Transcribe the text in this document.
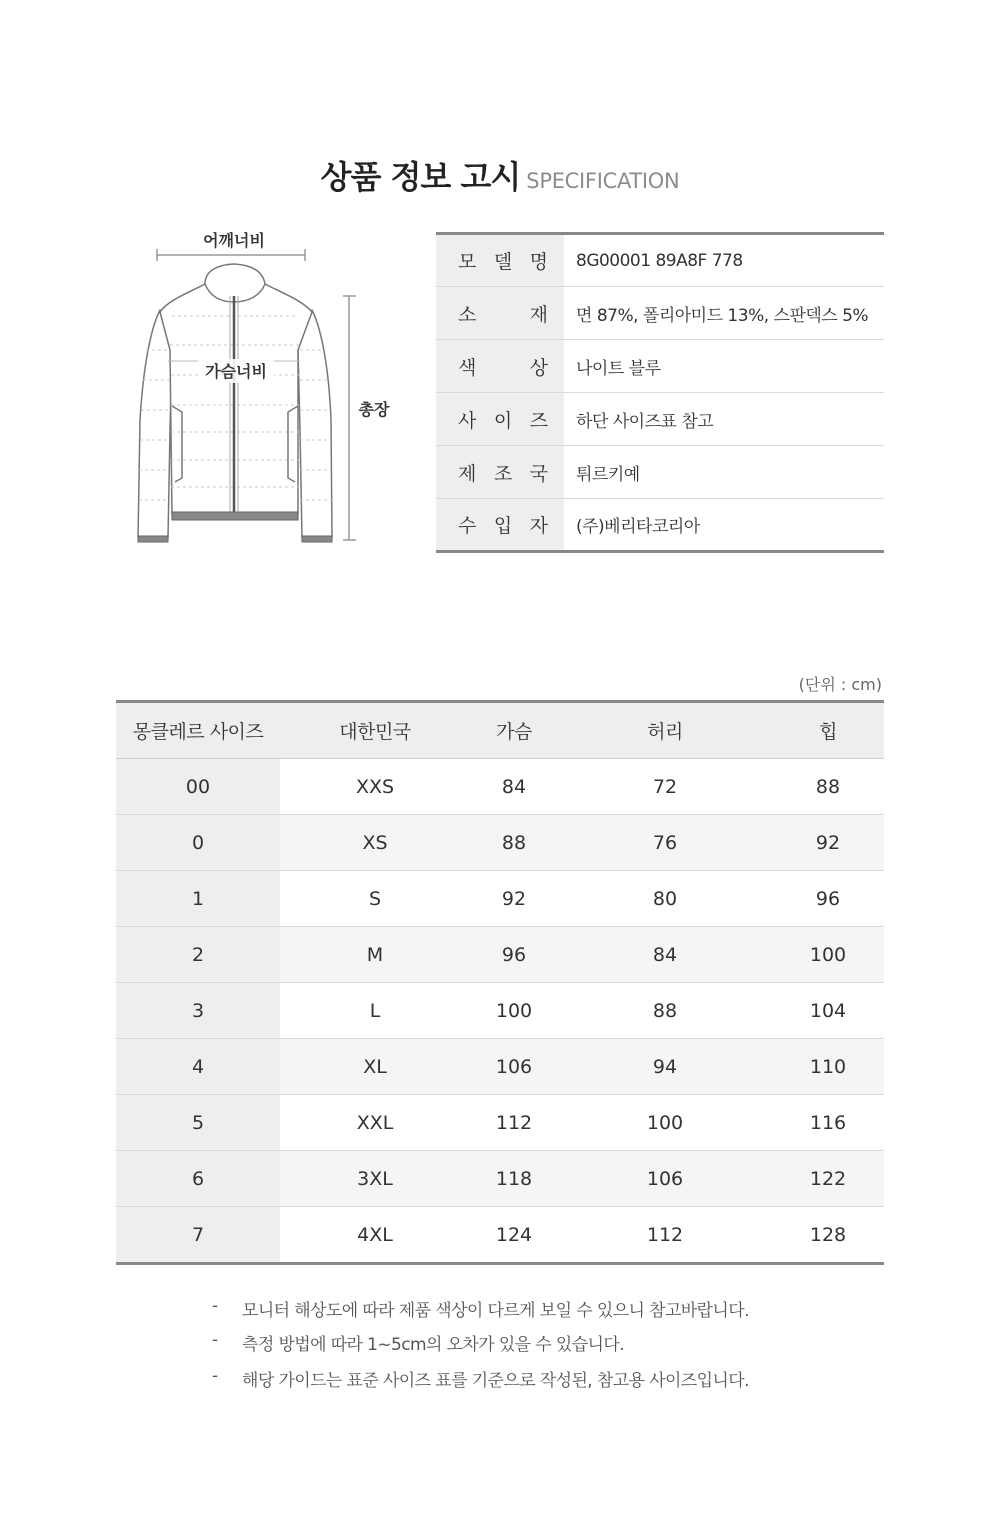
상품 정보 고시 SPECIFICATION
어깨너비
총장
가슴너비
모 델 명	8G00001 89A8F 778

소 재	면 87%, 폴리아미드 13%, 스판덱스 5%

색 상	나이트 블루

사 이 즈	하단 사이즈표 참고

제 조 국	튀르키예

수 입 자	(주)베리타코리아
(단위 : cm)
몽클레르 사이즈	대한민국	가슴	허리	힙
00	XXS	84	72	88
0	XS	88	76	92
1	S	92	80	96
2	M	96	84	100
3	L	100	88	104
4	XL	106	94	110
5	XXL	112	100	116
6	3XL	118	106	122
7	4XL	124	112	128
-	모니터 해상도에 따라 제품 색상이 다르게 보일 수 있으니 참고바랍니다.
-	측정 방법에 따라 1~5cm의 오차가 있을 수 있습니다.
-	해당 가이드는 표준 사이즈 표를 기준으로 작성된, 참고용 사이즈입니다.
